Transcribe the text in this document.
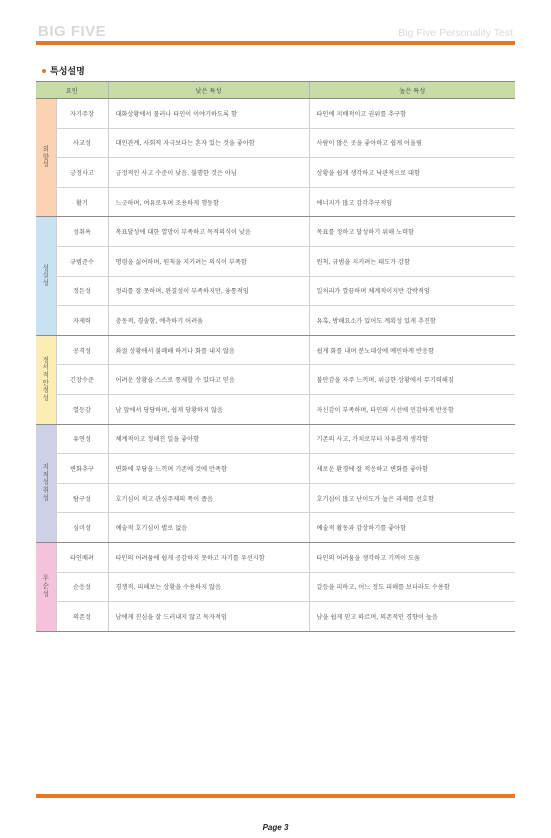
BIG FIVE	Big Five Personality Test
특성설명
요인		낮은 특성	높은 특성
외향성	자기주장	대화상황에서 물러나 타인이 이야기하도록 함	타인에 지배적이고 권위를 추구함
	사교성	대인관계, 사회적 자극보다는 혼자 있는 것을 좋아함	사람이 많은 곳을 좋아하고 쉽게 어울림
	긍정사고	긍정적인 사고 수준이 낮음. 불행한 것은 아님	상황을 쉽게 생각하고 낙관적으로 대함
	활기	느긋하며, 여유로우며 조용하게 행동함	에너지가 많고 감각추구적임
성실성	성취욕	목표달성에 대한 열망이 부족하고 목적의식이 낮음	목표를 정하고 달성하기 위해 노력함
	규범준수	명령을 싫어하며, 원칙을 지키려는 의식이 부족함	원칙, 규범을 지키려는 태도가 강함
	정돈성	정리를 잘 못하며, 완결성이 부족하지만, 융통적임	일처리가 깔끔하며 체계적이지만 강박적임
	자제력	충동적, 경솔함, 예측하기 어려움	유혹, 방해요소가 있어도 계획성 있게 추진함
정서적안정성	공격성	좌절 상황에서 불쾌해 하거나 화를 내지 않음	쉽게 화를 내며 분노대상에 예민하게 반응함
	긴장수준	어려운 상황을 스스로 통제할 수 있다고 믿음	불안감을 자주 느끼며, 위급한 상황에서 무기력해짐
	열등감	남 앞에서 당당하며, 쉽게 당황하지 않음	자신감이 부족하며, 타인의 시선에 민감하게 반응함
지적성취성	유연성	체계적이고 정해진 일을 좋아함	기존의 사고, 가치로부터 자유롭게 생각함
	변화추구	변화에 부담을 느끼며 기존에 것에 만족함	새로운 환경에 잘 적응하고 변화를 좋아함
	탐구성	호기심이 적고 관심주제의 폭이 좁음	호기심이 많고 난이도가 높은 과제를 선호함
	심미성	예술적 호기심이 별로 없음	예술적 활동과 감상하기를 좋아함
우순성	타인배려	타인의 어려움에 쉽게 공감하지 못하고 자기를 우선시함	타인의 어려움을 생각하고 기꺼이 도움
	순응성	경쟁적, 피해보는 상황을 수용하지 않음	갈등을 피하고, 어느 정도 피해를 보더라도 수용함
	의존성	남에게 진심을 잘 드러내지 않고 독자적임	남을 쉽게 믿고 따르며, 의존적인 경향이 높음
Page 3
